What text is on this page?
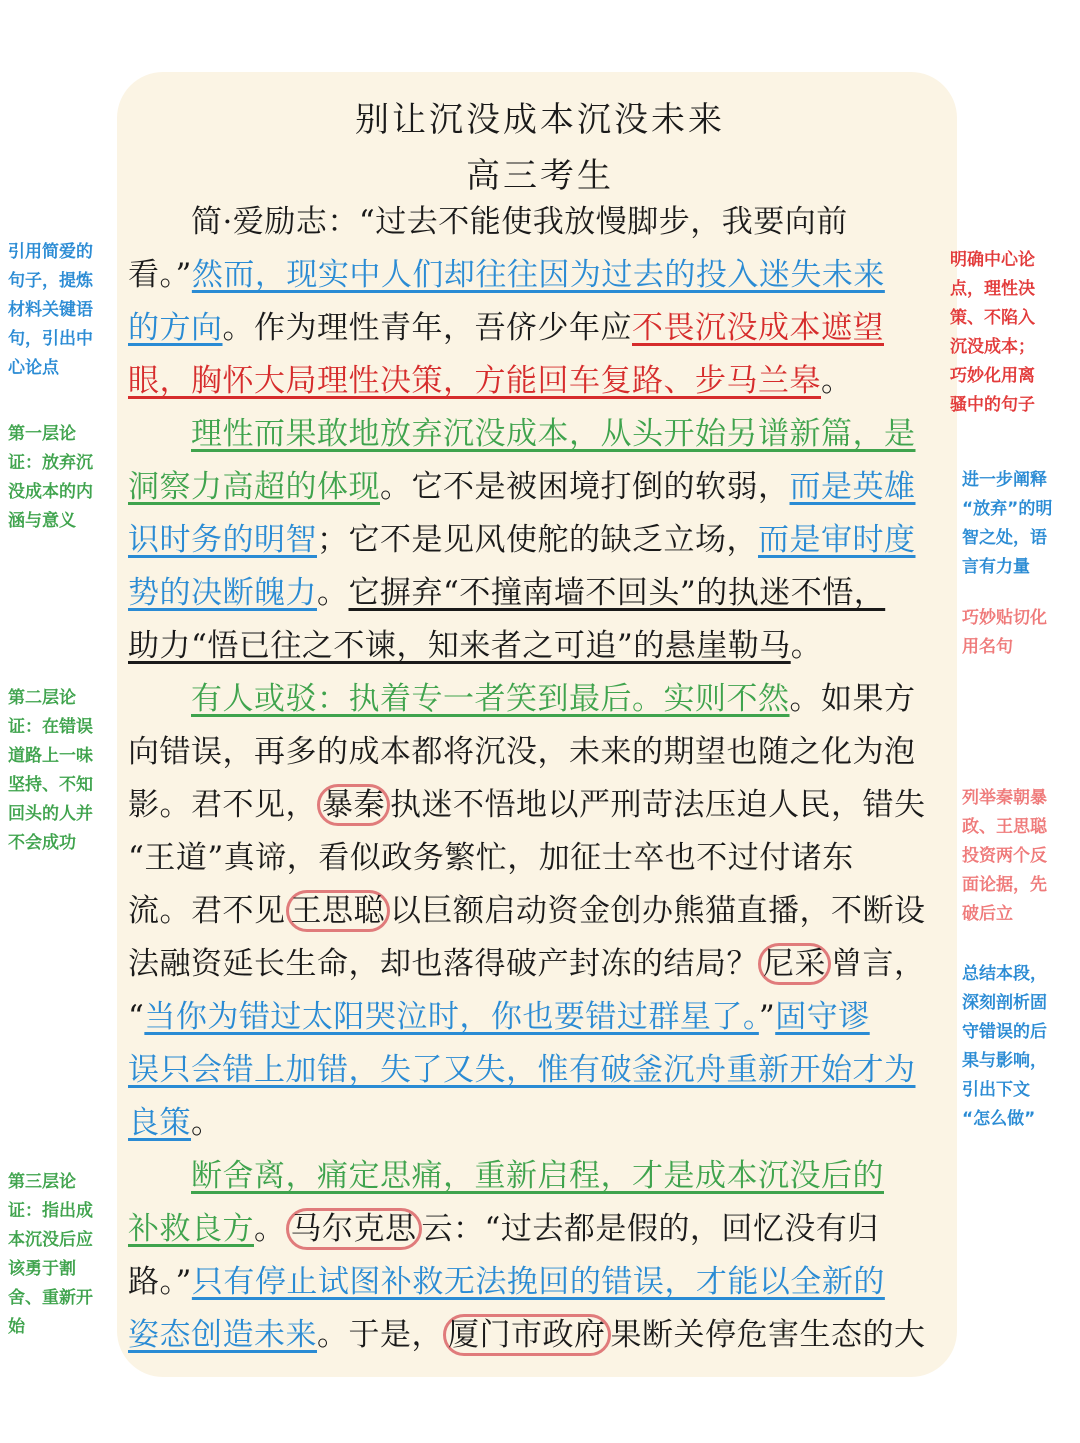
别让沉没成本沉没未来
高三考生
　　简·爱励志：“过去不能使我放慢脚步，我要向前
看。”然而，现实中人们却往往因为过去的投入迷失未来
的方向。作为理性青年，吾侪少年应不畏沉没成本遮望
眼，胸怀大局理性决策，方能回车复路、步马兰皋。
　　理性而果敢地放弃沉没成本，从头开始另谱新篇，是
洞察力高超的体现。它不是被困境打倒的软弱，而是英雄
识时务的明智；它不是见风使舵的缺乏立场，而是审时度
势的决断魄力。它摒弃“不撞南墙不回头”的执迷不悟，
助力“悟已往之不谏，知来者之可追”的悬崖勒马。
　　有人或驳：执着专一者笑到最后。实则不然。如果方
向错误，再多的成本都将沉没，未来的期望也随之化为泡
影。君不见， 暴秦 执迷不悟地以严刑苛法压迫人民，错失
“王道”真谛，看似政务繁忙，加征士卒也不过付诸东
流。君不见 王思聪 以巨额启动资金创办熊猫直播，不断设
法融资延长生命，却也落得破产封冻的结局？ 尼采 曾言，
“当你为错过太阳哭泣时，你也要错过群星了。”固守谬
误只会错上加错，失了又失，惟有破釜沉舟重新开始才为
良策。
　　断舍离，痛定思痛，重新启程，才是成本沉没后的
补救良方。 马尔克思 云：“过去都是假的，回忆没有归
路。”只有停止试图补救无法挽回的错误，才能以全新的
姿态创造未来。于是， 厦门市政府 果断关停危害生态的大
引用简爱的
句子，提炼
材料关键语
句，引出中
心论点
第一层论
证：放弃沉
没成本的内
涵与意义
第二层论
证：在错误
道路上一味
坚持、不知
回头的人并
不会成功
第三层论
证：指出成
本沉没后应
该勇于割
舍、重新开
始
明确中心论
点，理性决
策、不陷入
沉没成本；
巧妙化用离
骚中的句子
进一步阐释
“放弃”的明
智之处，语
言有力量
巧妙贴切化
用名句
列举秦朝暴
政、王思聪
投资两个反
面论据，先
破后立
总结本段，
深刻剖析固
守错误的后
果与影响，
引出下文
“怎么做”
